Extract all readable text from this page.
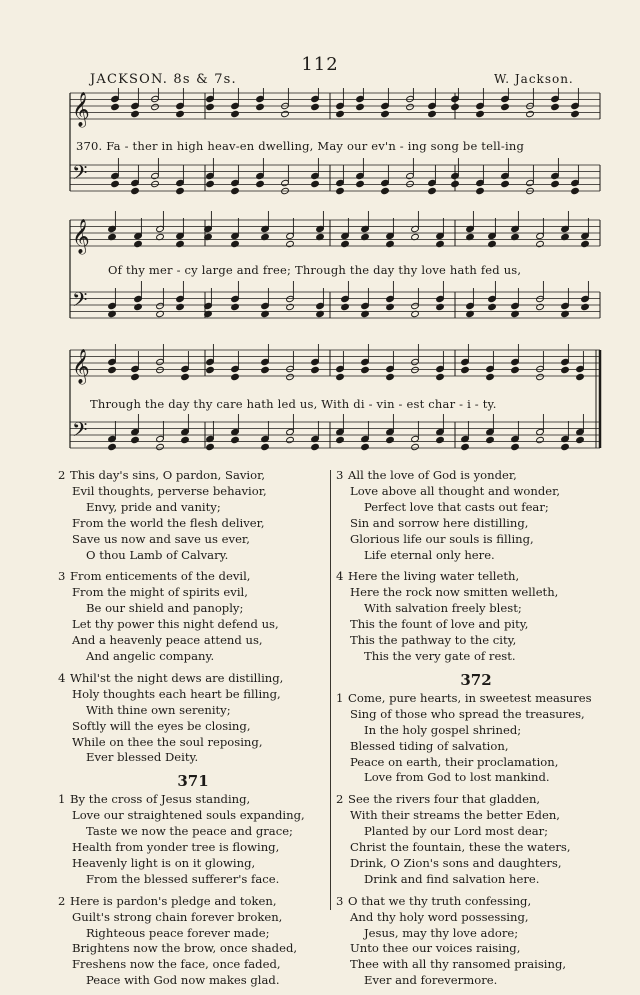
112
JACKSON. 8s & 7s.	W. Jackson.
𝄞
𝄢
𝄞
𝄢
𝄞
𝄢
370. Fa - ther in high heav-en dwelling, May our ev'n - ing song be tell-ing
Of thy mer - cy large and free; Through the day thy love hath fed us,
Through the day thy care hath led us, With di - vin - est char - i - ty.
2 This day's sins, O pardon, Savior,
Evil thoughts, perverse behavior,
Envy, pride and vanity;
From the world the flesh deliver,
Save us now and save us ever,
O thou Lamb of Calvary.
3 From enticements of the devil,
From the might of spirits evil,
Be our shield and panoply;
Let thy power this night defend us,
And a heavenly peace attend us,
And angelic company.
4 Whil'st the night dews are distilling,
Holy thoughts each heart be filling,
With thine own serenity;
Softly will the eyes be closing,
While on thee the soul reposing,
Ever blessed Deity.
371
1 By the cross of Jesus standing,
Love our straightened souls expanding,
Taste we now the peace and grace;
Health from yonder tree is flowing,
Heavenly light is on it glowing,
From the blessed sufferer's face.
2 Here is pardon's pledge and token,
Guilt's strong chain forever broken,
Righteous peace forever made;
Brightens now the brow, once shaded,
Freshens now the face, once faded,
Peace with God now makes glad.
3 All the love of God is yonder,
Love above all thought and wonder,
Perfect love that casts out fear;
Sin and sorrow here distilling,
Glorious life our souls is filling,
Life eternal only here.
4 Here the living water telleth,
Here the rock now smitten welleth,
With salvation freely blest;
This the fount of love and pity,
This the pathway to the city,
This the very gate of rest.
372
1 Come, pure hearts, in sweetest measures
Sing of those who spread the treasures,
In the holy gospel shrined;
Blessed tiding of salvation,
Peace on earth, their proclamation,
Love from God to lost mankind.
2 See the rivers four that gladden,
With their streams the better Eden,
Planted by our Lord most dear;
Christ the fountain, these the waters,
Drink, O Zion's sons and daughters,
Drink and find salvation here.
3 O that we thy truth confessing,
And thy holy word possessing,
Jesus, may thy love adore;
Unto thee our voices raising,
Thee with all thy ransomed praising,
Ever and forevermore.
